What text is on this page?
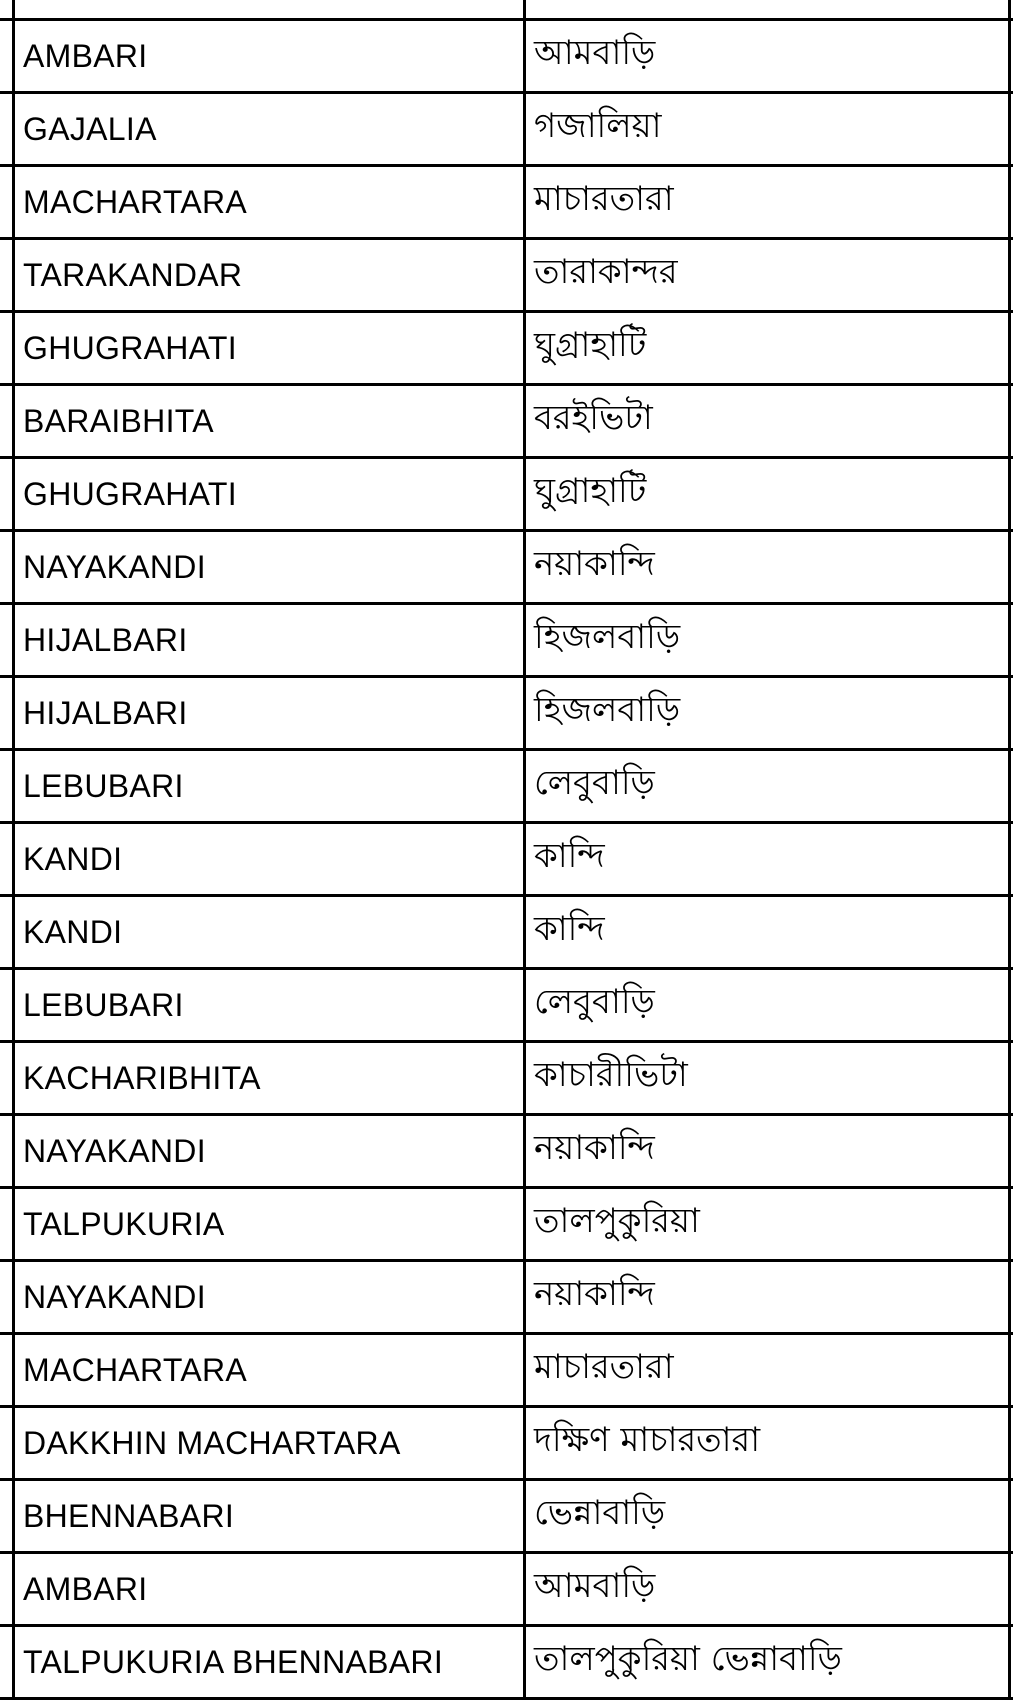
	AMBARI	আমবাড়ি	
	GAJALIA	গজালিয়া	
	MACHARTARA	মাচারতারা	
	TARAKANDAR	তারাকান্দর	
	GHUGRAHATI	ঘুগ্রাহাটি	
	BARAIBHITA	বরইভিটা	
	GHUGRAHATI	ঘুগ্রাহাটি	
	NAYAKANDI	নয়াকান্দি	
	HIJALBARI	হিজলবাড়ি	
	HIJALBARI	হিজলবাড়ি	
	LEBUBARI	লেবুবাড়ি	
	KANDI	কান্দি	
	KANDI	কান্দি	
	LEBUBARI	লেবুবাড়ি	
	KACHARIBHITA	কাচারীভিটা	
	NAYAKANDI	নয়াকান্দি	
	TALPUKURIA	তালপুকুরিয়া	
	NAYAKANDI	নয়াকান্দি	
	MACHARTARA	মাচারতারা	
	DAKKHIN MACHARTARA	দক্ষিণ মাচারতারা	
	BHENNABARI	ভেন্নাবাড়ি	
	AMBARI	আমবাড়ি	
	TALPUKURIA BHENNABARI	তালপুকুরিয়া ভেন্নাবাড়ি	
